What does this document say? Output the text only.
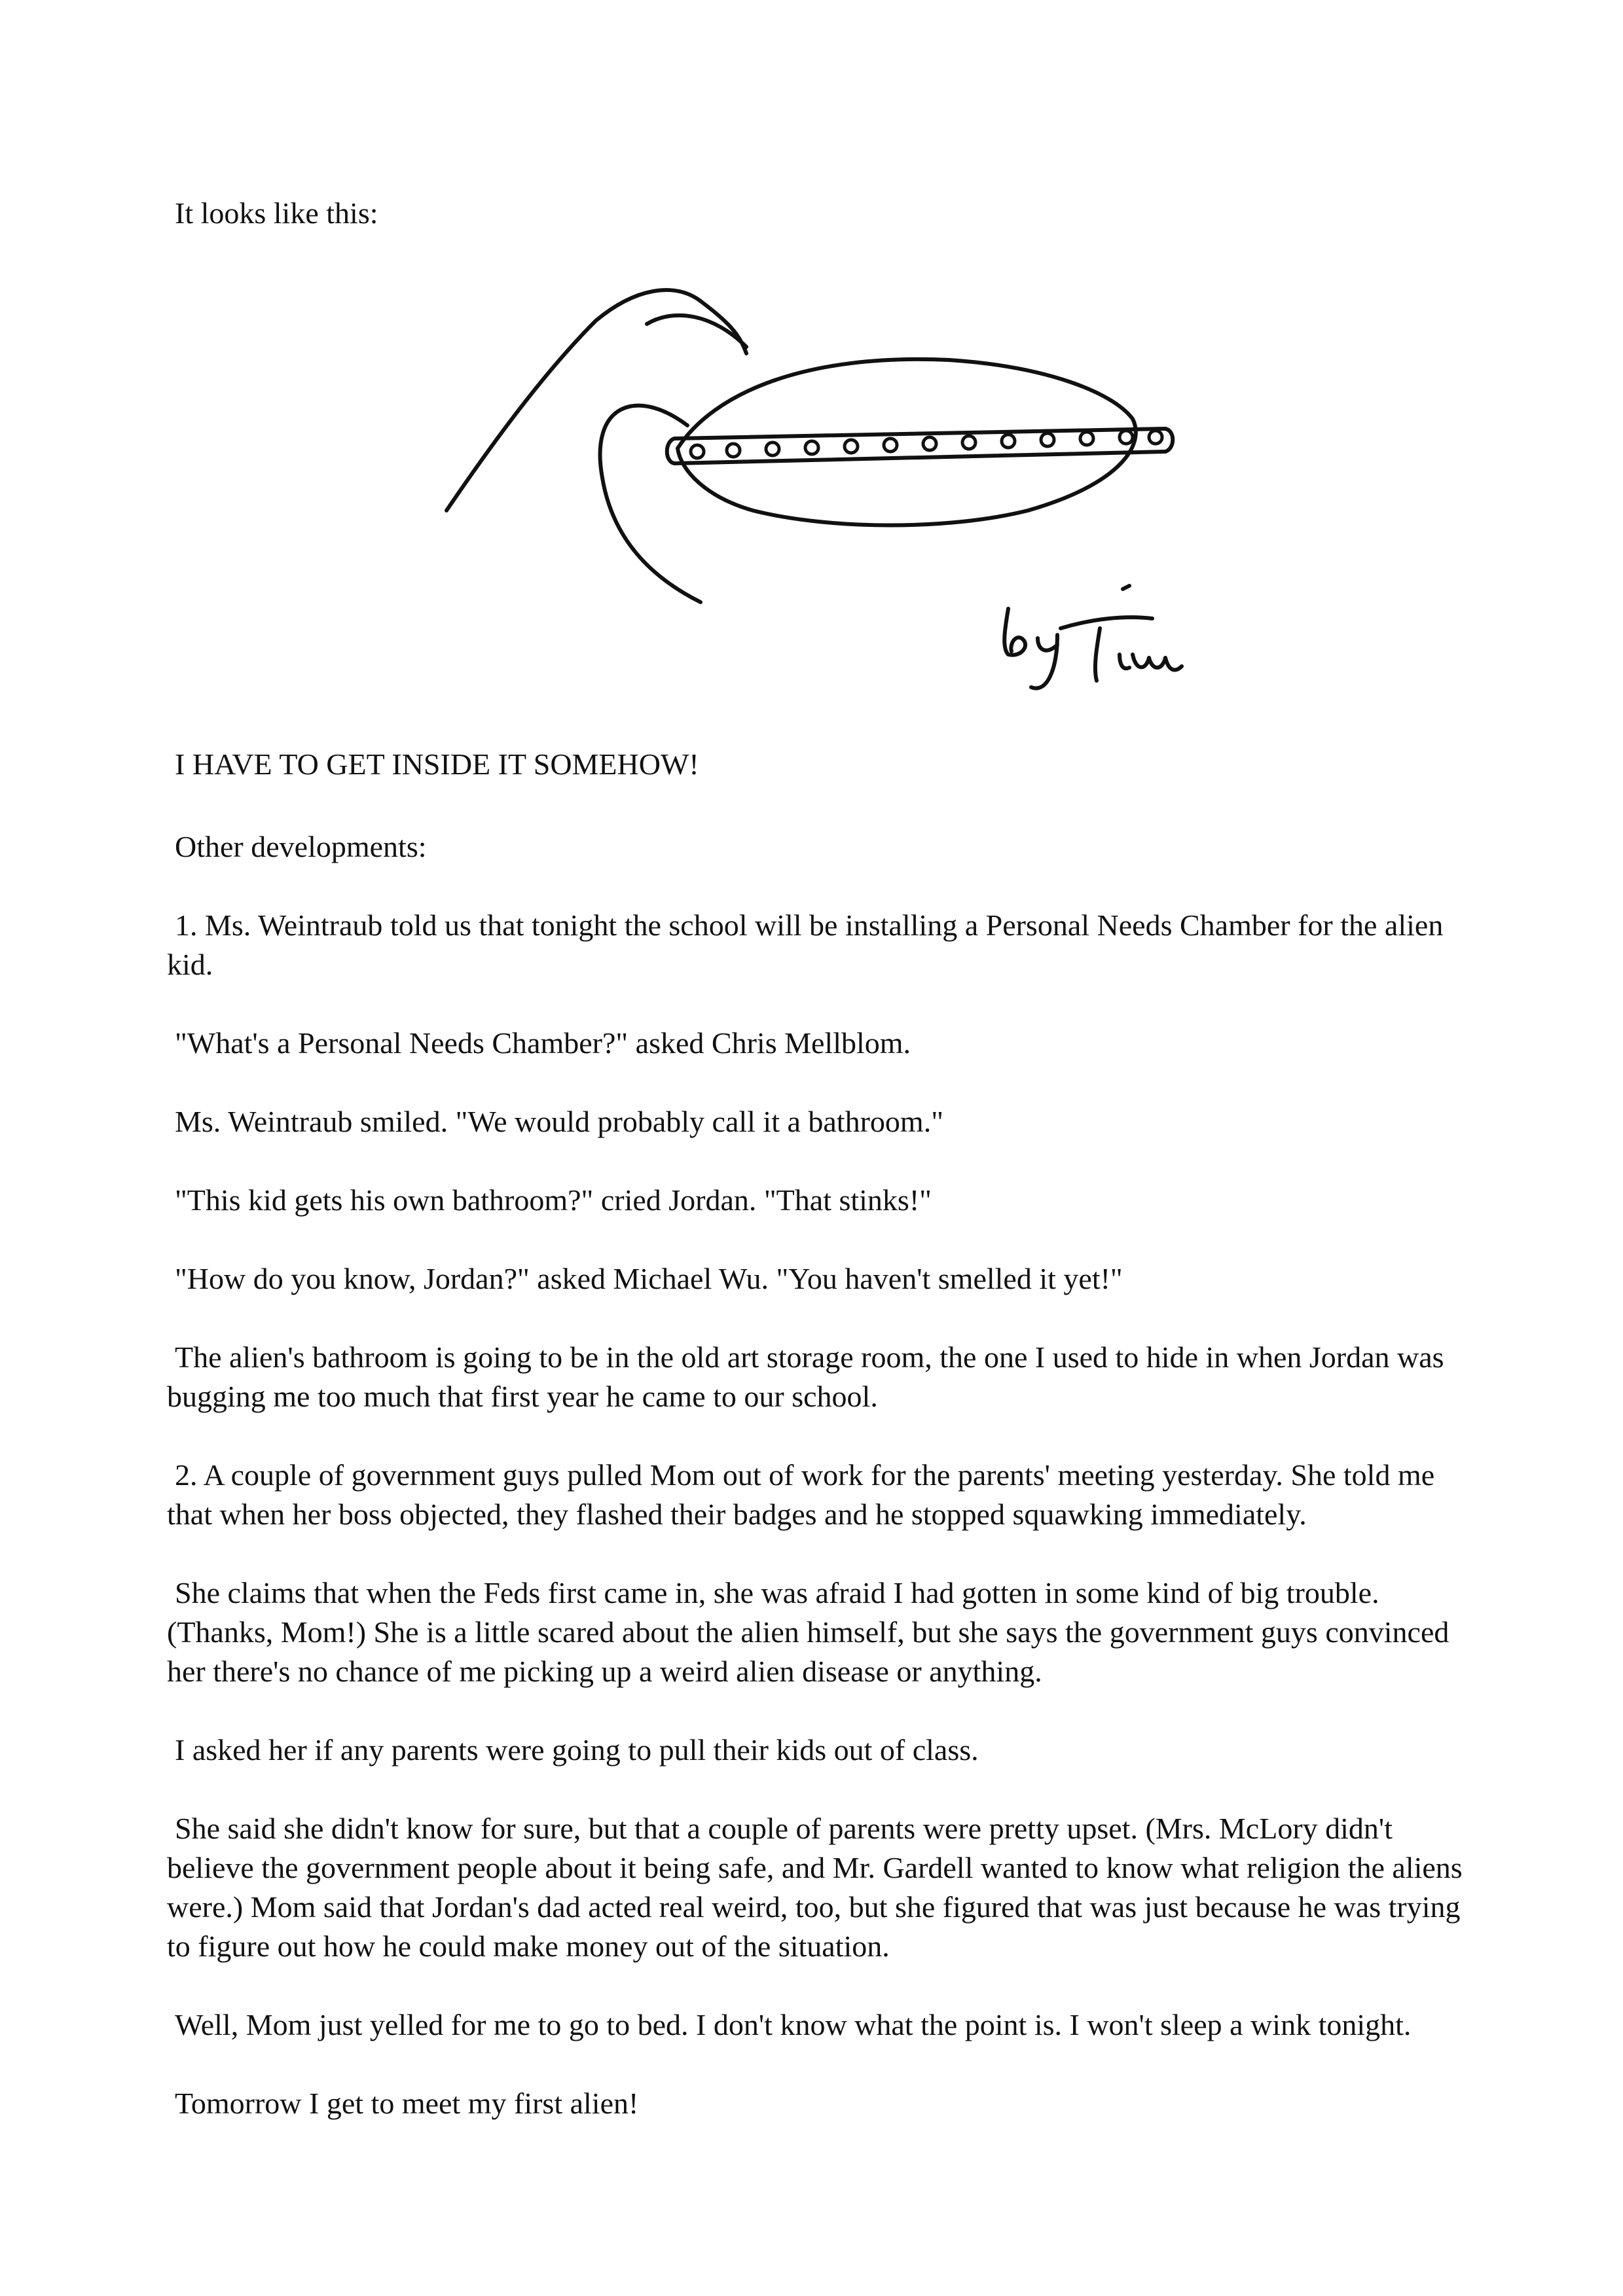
It looks like this:

I HAVE TO GET INSIDE IT SOMEHOW!

Other developments:

1. Ms. Weintraub told us that tonight the school will be installing a Personal Needs Chamber for the alien kid.

"What's a Personal Needs Chamber?" asked Chris Mellblom.

Ms. Weintraub smiled. "We would probably call it a bathroom."

"This kid gets his own bathroom?" cried Jordan. "That stinks!"

"How do you know, Jordan?" asked Michael Wu. "You haven't smelled it yet!"

The alien's bathroom is going to be in the old art storage room, the one I used to hide in when Jordan was bugging me too much that first year he came to our school.

2. A couple of government guys pulled Mom out of work for the parents' meeting yesterday. She told me that when her boss objected, they flashed their badges and he stopped squawking immediately.

She claims that when the Feds first came in, she was afraid I had gotten in some kind of big trouble. (Thanks, Mom!) She is a little scared about the alien himself, but she says the government guys convinced her there's no chance of me picking up a weird alien disease or anything.

I asked her if any parents were going to pull their kids out of class.

She said she didn't know for sure, but that a couple of parents were pretty upset. (Mrs. McLory didn't believe the government people about it being safe, and Mr. Gardell wanted to know what religion the aliens were.) Mom said that Jordan's dad acted real weird, too, but she figured that was just because he was trying to figure out how he could make money out of the situation.

Well, Mom just yelled for me to go to bed. I don't know what the point is. I won't sleep a wink tonight.

Tomorrow I get to meet my first alien!
